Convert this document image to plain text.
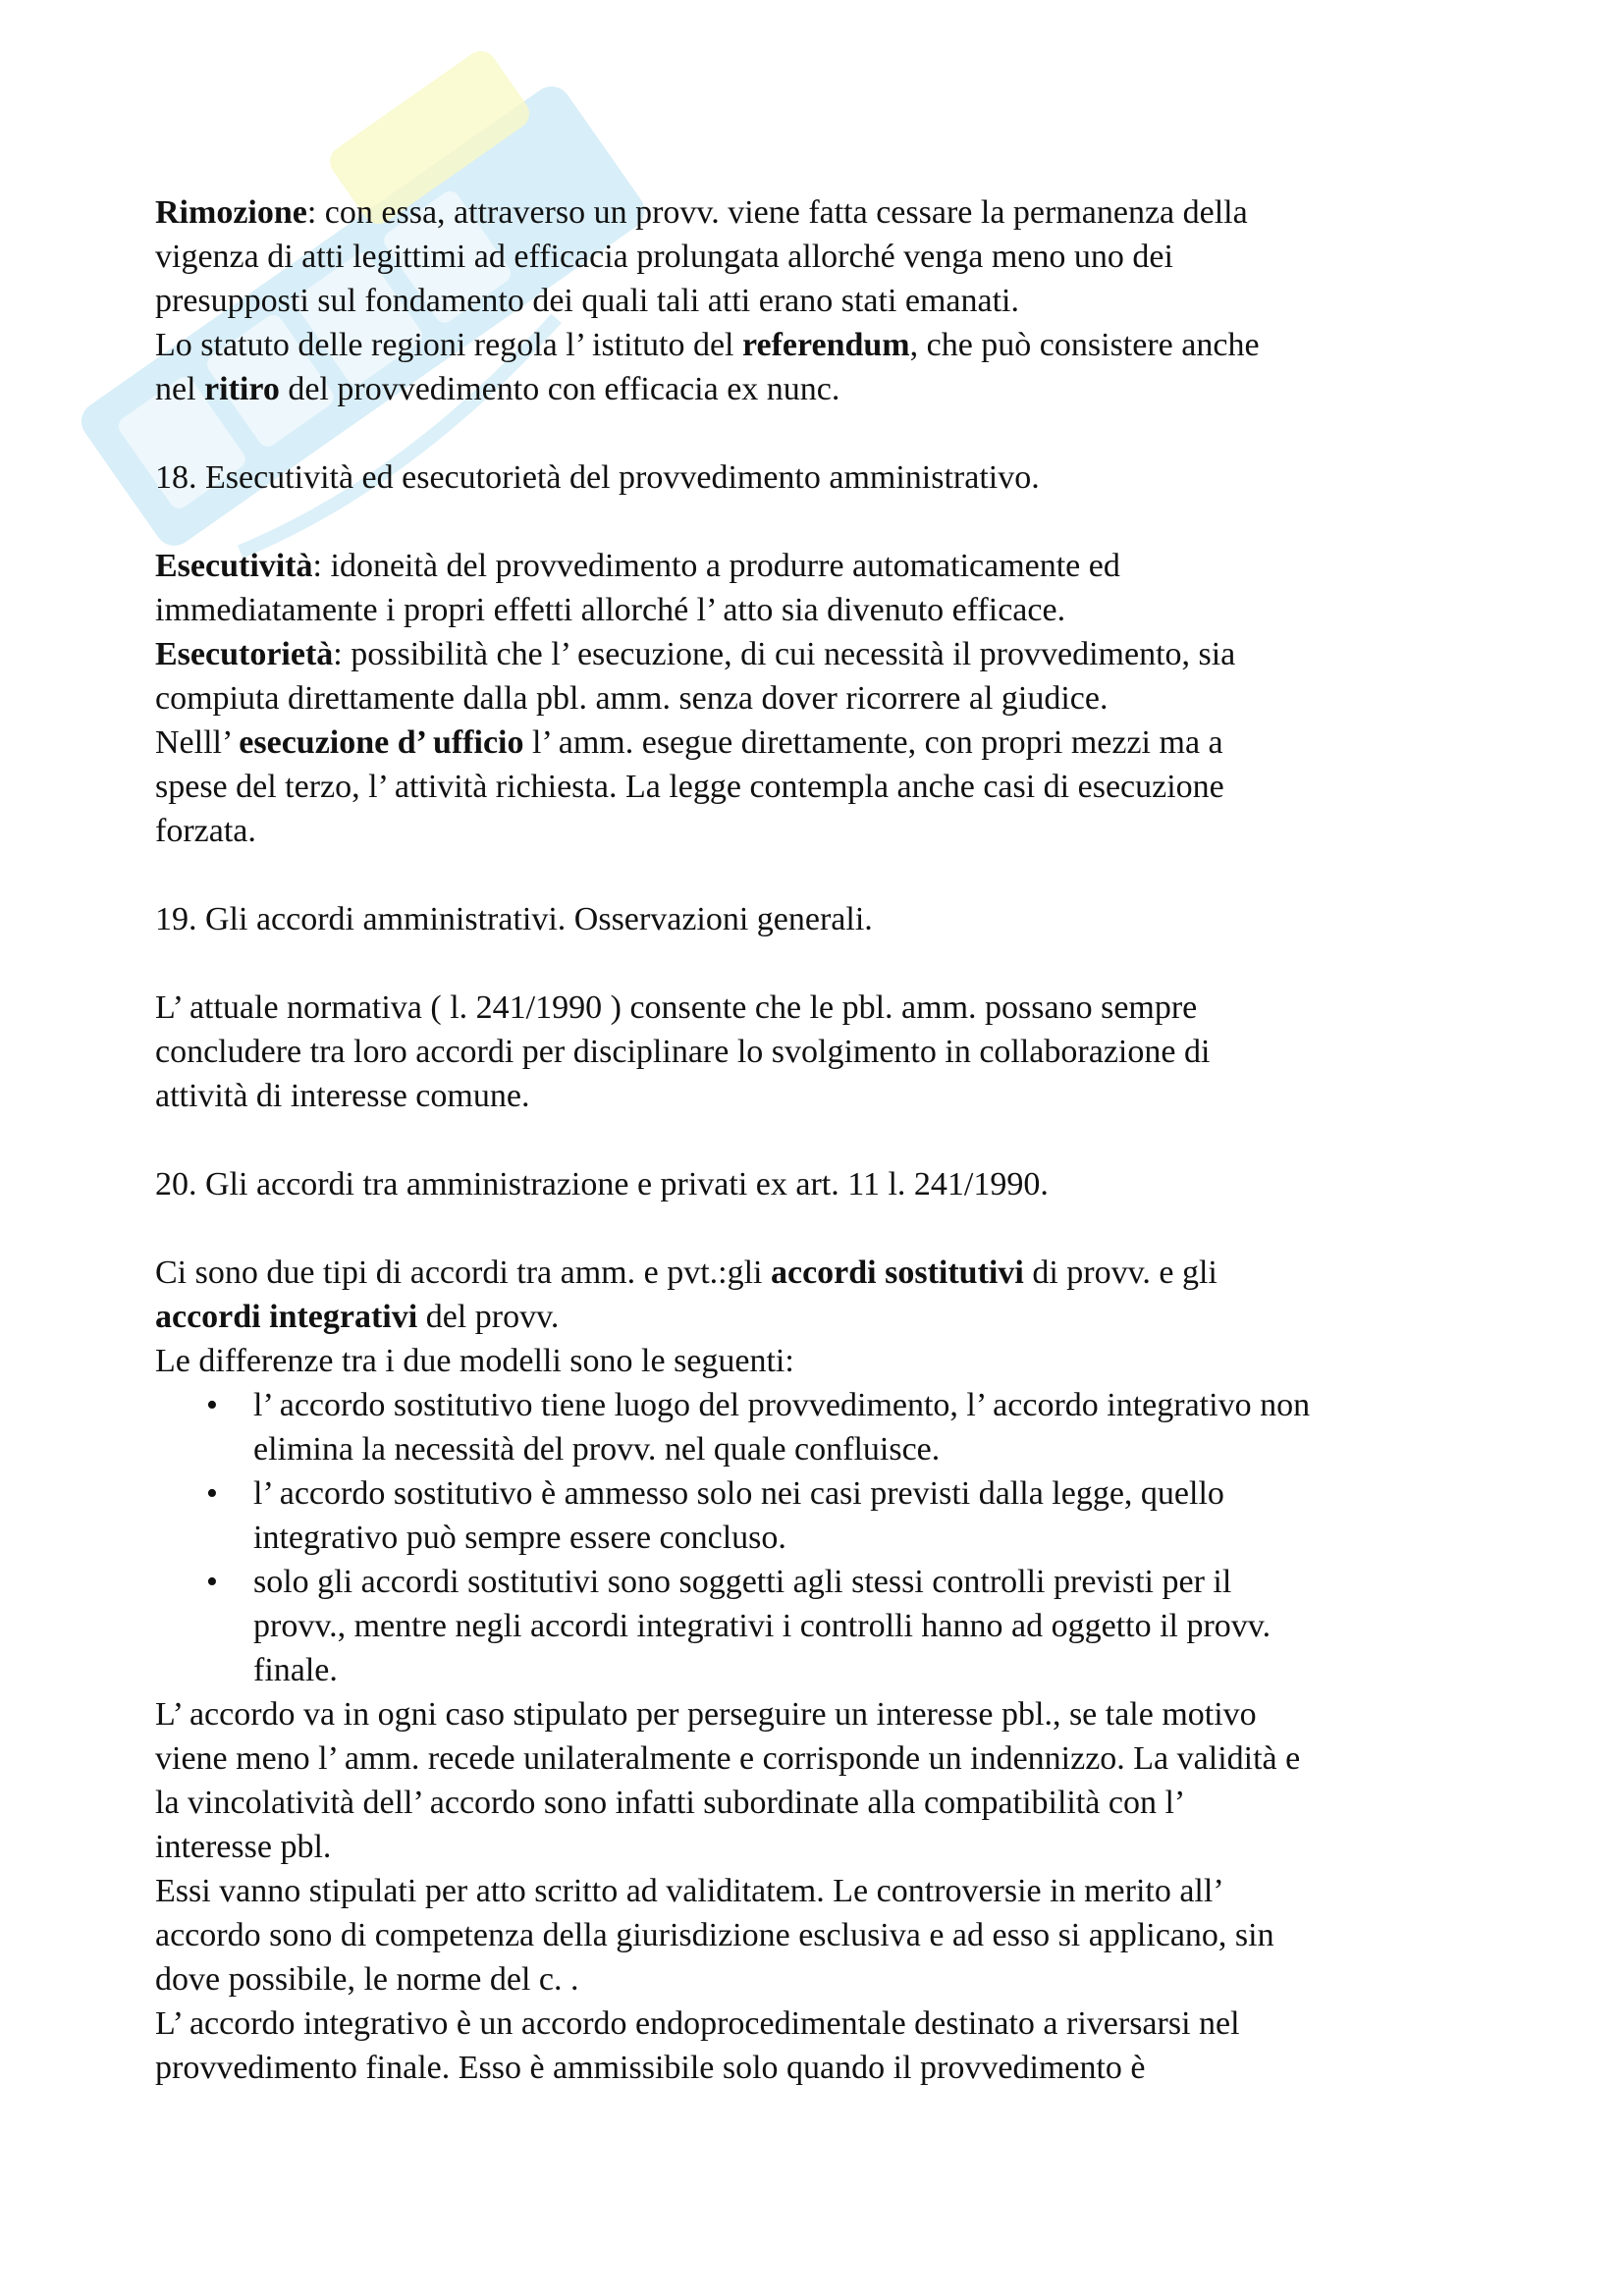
Rimozione: con essa, attraverso un provv. viene fatta cessare la permanenza della
vigenza di atti legittimi ad efficacia prolungata allorché venga meno uno dei
presupposti sul fondamento dei quali tali atti erano stati emanati.
Lo statuto delle regioni regola l’ istituto del referendum, che può consistere anche
nel ritiro del provvedimento con efficacia ex nunc.
18. Esecutività ed esecutorietà del provvedimento amministrativo.
Esecutività: idoneità del provvedimento a produrre automaticamente ed
immediatamente i propri effetti allorché l’ atto sia divenuto efficace.
Esecutorietà: possibilità che l’ esecuzione, di cui necessità il provvedimento, sia
compiuta direttamente dalla pbl. amm. senza dover ricorrere al giudice.
Nelll’ esecuzione d’ ufficio l’ amm. esegue direttamente, con propri mezzi ma a
spese del terzo, l’ attività richiesta. La legge contempla anche casi di esecuzione
forzata.
19. Gli accordi amministrativi. Osservazioni generali.
L’ attuale normativa ( l. 241/1990 ) consente che le pbl. amm. possano sempre
concludere tra loro accordi per disciplinare lo svolgimento in collaborazione di
attività di interesse comune.
20. Gli accordi tra amministrazione e privati ex art. 11 l. 241/1990.
Ci sono due tipi di accordi tra amm. e pvt.:gli accordi sostitutivi di provv. e gli
accordi integrativi del provv.
Le differenze tra i due modelli sono le seguenti:
• l’ accordo sostitutivo tiene luogo del provvedimento, l’ accordo integrativo non
elimina la necessità del provv. nel quale confluisce.
• l’ accordo sostitutivo è ammesso solo nei casi previsti dalla legge, quello
integrativo può sempre essere concluso.
• solo gli accordi sostitutivi sono soggetti agli stessi controlli previsti per il
provv., mentre negli accordi integrativi i controlli hanno ad oggetto il provv.
finale.
L’ accordo va in ogni caso stipulato per perseguire un interesse pbl., se tale motivo
viene meno l’ amm. recede unilateralmente e corrisponde un indennizzo. La validità e
la vincolatività dell’ accordo sono infatti subordinate alla compatibilità con l’
interesse pbl.
Essi vanno stipulati per atto scritto ad validitatem. Le controversie in merito all’
accordo sono di competenza della giurisdizione esclusiva e ad esso si applicano, sin
dove possibile, le norme del c. .
L’ accordo integrativo è un accordo endoprocedimentale destinato a riversarsi nel
provvedimento finale. Esso è ammissibile solo quando il provvedimento è
